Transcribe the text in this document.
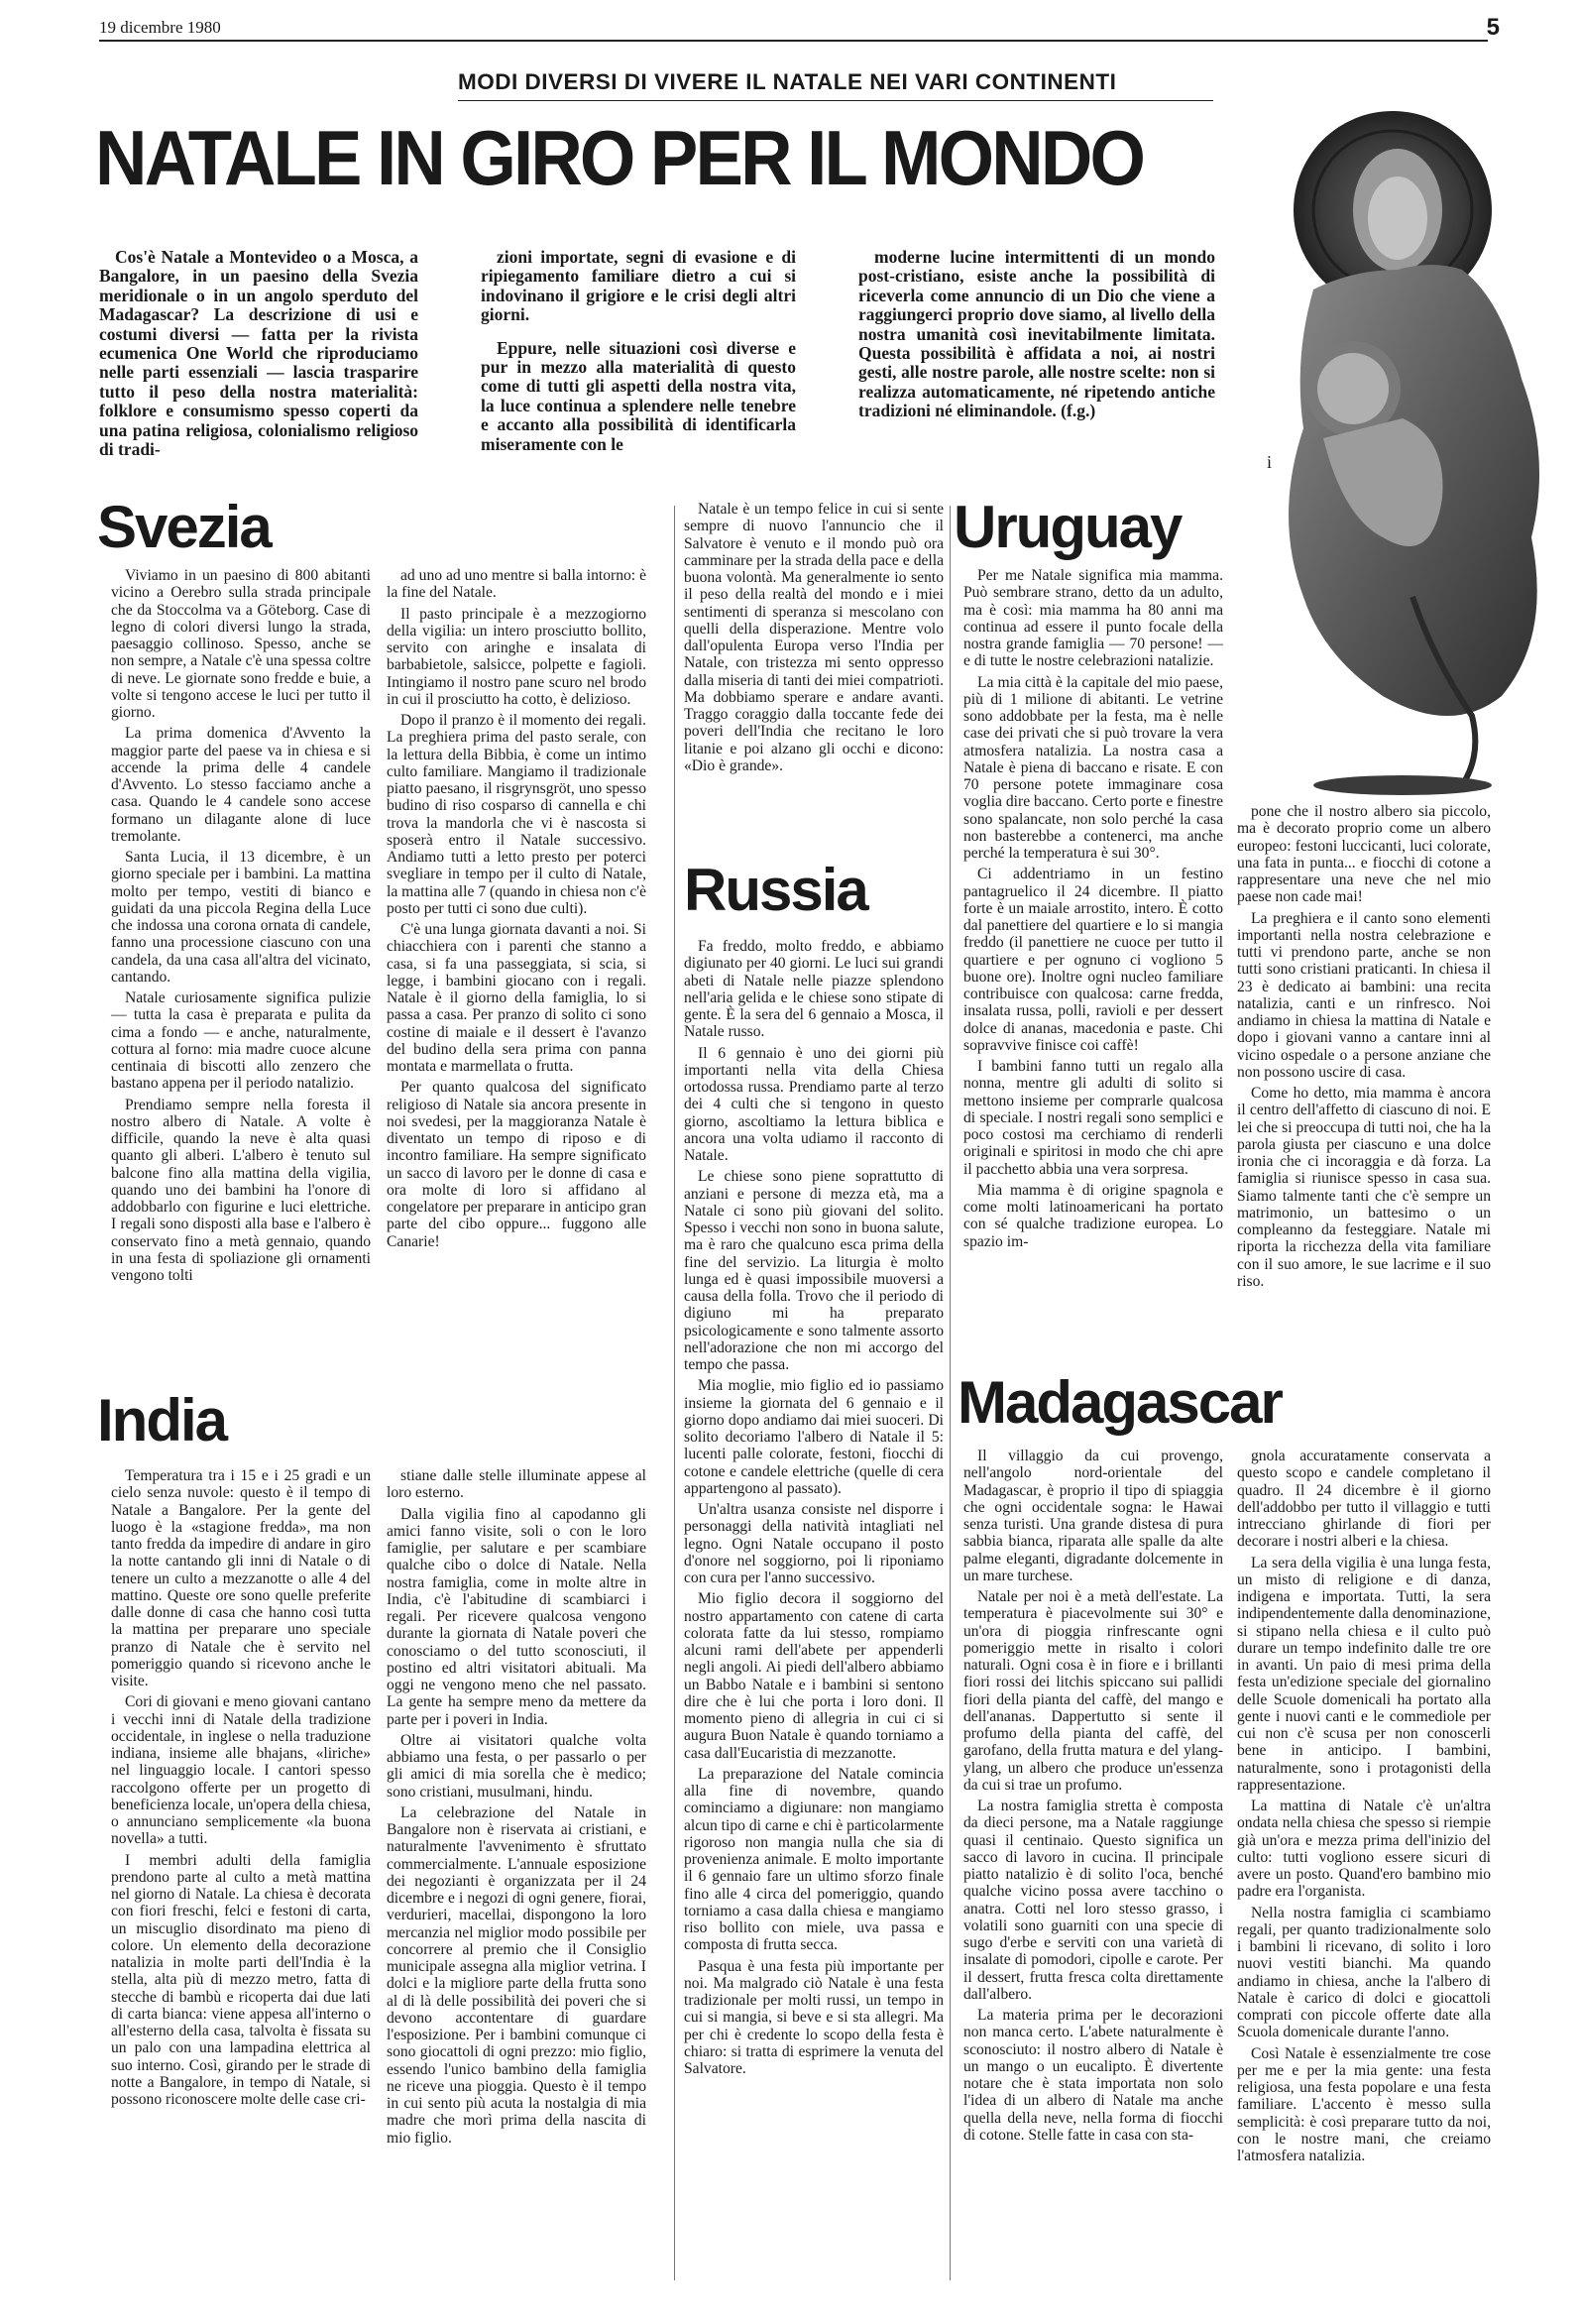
19 dicembre 1980	5
MODI DIVERSI DI VIVERE IL NATALE NEI VARI CONTINENTI
NATALE IN GIRO PER IL MONDO

Cos'è Natale a Montevideo o a Mosca, a Bangalore, in un paesino della Svezia meridionale o in un angolo sperduto del Madagascar? La descrizione di usi e costumi diversi — fatta per la rivista ecumenica One World che riproduciamo nelle parti essenziali — lascia trasparire tutto il peso della nostra materialità: folklore e consumismo spesso coperti da una patina religiosa, colonialismo religioso di tradi-

zioni importate, segni di evasione e di ripiegamento familiare dietro a cui si indovinano il grigiore e le crisi degli altri giorni.

Eppure, nelle situazioni così diverse e pur in mezzo alla materialità di questo come di tutti gli aspetti della nostra vita, la luce continua a splendere nelle tenebre e accanto alla possibilità di identificarla miseramente con le

moderne lucine intermittenti di un mondo post-cristiano, esiste anche la possibilità di riceverla come annuncio di un Dio che viene a raggiungerci proprio dove siamo, al livello della nostra umanità così inevitabilmente limitata. Questa possibilità è affidata a noi, ai nostri gesti, alle nostre parole, alle nostre scelte: non si realizza automaticamente, né ripetendo antiche tradizioni né eliminandole. (f.g.)

Svezia

Viviamo in un paesino di 800 abitanti vicino a Oerebro sulla strada principale che da Stoccolma va a Göteborg. Case di legno di colori diversi lungo la strada, paesaggio collinoso. Spesso, anche se non sempre, a Natale c'è una spessa coltre di neve. Le giornate sono fredde e buie, a volte si tengono accese le luci per tutto il giorno.

La prima domenica d'Avvento la maggior parte del paese va in chiesa e si accende la prima delle 4 candele d'Avvento. Lo stesso facciamo anche a casa. Quando le 4 candele sono accese formano un dilagante alone di luce tremolante.

Santa Lucia, il 13 dicembre, è un giorno speciale per i bambini. La mattina molto per tempo, vestiti di bianco e guidati da una piccola Regina della Luce che indossa una corona ornata di candele, fanno una processione ciascuno con una candela, da una casa all'altra del vicinato, cantando.

Natale curiosamente significa pulizie — tutta la casa è preparata e pulita da cima a fondo — e anche, naturalmente, cottura al forno: mia madre cuoce alcune centinaia di biscotti allo zenzero che bastano appena per il periodo natalizio.

Prendiamo sempre nella foresta il nostro albero di Natale. A volte è difficile, quando la neve è alta quasi quanto gli alberi. L'albero è tenuto sul balcone fino alla mattina della vigilia, quando uno dei bambini ha l'onore di addobbarlo con figurine e luci elettriche. I regali sono disposti alla base e l'albero è conservato fino a metà gennaio, quando in una festa di spoliazione gli ornamenti vengono tolti

ad uno ad uno mentre si balla intorno: è la fine del Natale.

Il pasto principale è a mezzogiorno della vigilia: un intero prosciutto bollito, servito con aringhe e insalata di barbabietole, salsicce, polpette e fagioli. Intingiamo il nostro pane scuro nel brodo in cui il prosciutto ha cotto, è delizioso.

Dopo il pranzo è il momento dei regali. La preghiera prima del pasto serale, con la lettura della Bibbia, è come un intimo culto familiare. Mangiamo il tradizionale piatto paesano, il risgrynsgröt, uno spesso budino di riso cosparso di cannella e chi trova la mandorla che vi è nascosta si sposerà entro il Natale successivo. Andiamo tutti a letto presto per poterci svegliare in tempo per il culto di Natale, la mattina alle 7 (quando in chiesa non c'è posto per tutti ci sono due culti).

C'è una lunga giornata davanti a noi. Si chiacchiera con i parenti che stanno a casa, si fa una passeggiata, si scia, si legge, i bambini giocano con i regali. Natale è il giorno della famiglia, lo si passa a casa. Per pranzo di solito ci sono costine di maiale e il dessert è l'avanzo del budino della sera prima con panna montata e marmellata o frutta.

Per quanto qualcosa del significato religioso di Natale sia ancora presente in noi svedesi, per la maggioranza Natale è diventato un tempo di riposo e di incontro familiare. Ha sempre significato un sacco di lavoro per le donne di casa e ora molte di loro si affidano al congelatore per preparare in anticipo gran parte del cibo oppure... fuggono alle Canarie!

India

Temperatura tra i 15 e i 25 gradi e un cielo senza nuvole: questo è il tempo di Natale a Bangalore. Per la gente del luogo è la «stagione fredda», ma non tanto fredda da impedire di andare in giro la notte cantando gli inni di Natale o di tenere un culto a mezzanotte o alle 4 del mattino. Queste ore sono quelle preferite dalle donne di casa che hanno così tutta la mattina per preparare uno speciale pranzo di Natale che è servito nel pomeriggio quando si ricevono anche le visite.

Cori di giovani e meno giovani cantano i vecchi inni di Natale della tradizione occidentale, in inglese o nella traduzione indiana, insieme alle bhajans, «liriche» nel linguaggio locale. I cantori spesso raccolgono offerte per un progetto di beneficienza locale, un'opera della chiesa, o annunciano semplicemente «la buona novella» a tutti.

I membri adulti della famiglia prendono parte al culto a metà mattina nel giorno di Natale. La chiesa è decorata con fiori freschi, felci e festoni di carta, un miscuglio disordinato ma pieno di colore. Un elemento della decorazione natalizia in molte parti dell'India è la stella, alta più di mezzo metro, fatta di stecche di bambù e ricoperta dai due lati di carta bianca: viene appesa all'interno o all'esterno della casa, talvolta è fissata su un palo con una lampadina elettrica al suo interno. Così, girando per le strade di notte a Bangalore, in tempo di Natale, si possono riconoscere molte delle case cri-

stiane dalle stelle illuminate appese al loro esterno.

Dalla vigilia fino al capodanno gli amici fanno visite, soli o con le loro famiglie, per salutare e per scambiare qualche cibo o dolce di Natale. Nella nostra famiglia, come in molte altre in India, c'è l'abitudine di scambiarci i regali. Per ricevere qualcosa vengono durante la giornata di Natale poveri che conosciamo o del tutto sconosciuti, il postino ed altri visitatori abituali. Ma oggi ne vengono meno che nel passato. La gente ha sempre meno da mettere da parte per i poveri in India.

Oltre ai visitatori qualche volta abbiamo una festa, o per passarlo o per gli amici di mia sorella che è medico; sono cristiani, musulmani, hindu.

La celebrazione del Natale in Bangalore non è riservata ai cristiani, e naturalmente l'avvenimento è sfruttato commercialmente. L'annuale esposizione dei negozianti è organizzata per il 24 dicembre e i negozi di ogni genere, fiorai, verdurieri, macellai, dispongono la loro mercanzia nel miglior modo possibile per concorrere al premio che il Consiglio municipale assegna alla miglior vetrina. I dolci e la migliore parte della frutta sono al di là delle possibilità dei poveri che si devono accontentare di guardare l'esposizione. Per i bambini comunque ci sono giocattoli di ogni prezzo: mio figlio, essendo l'unico bambino della famiglia ne riceve una pioggia. Questo è il tempo in cui sento più acuta la nostalgia di mia madre che morì prima della nascita di mio figlio.

Natale è un tempo felice in cui si sente sempre di nuovo l'annuncio che il Salvatore è venuto e il mondo può ora camminare per la strada della pace e della buona volontà. Ma generalmente io sento il peso della realtà del mondo e i miei sentimenti di speranza si mescolano con quelli della disperazione. Mentre volo dall'opulenta Europa verso l'India per Natale, con tristezza mi sento oppresso dalla miseria di tanti dei miei compatrioti. Ma dobbiamo sperare e andare avanti. Traggo coraggio dalla toccante fede dei poveri dell'India che recitano le loro litanie e poi alzano gli occhi e dicono: «Dio è grande».

Russia

Fa freddo, molto freddo, e abbiamo digiunato per 40 giorni. Le luci sui grandi abeti di Natale nelle piazze splendono nell'aria gelida e le chiese sono stipate di gente. È la sera del 6 gennaio a Mosca, il Natale russo.

Il 6 gennaio è uno dei giorni più importanti nella vita della Chiesa ortodossa russa. Prendiamo parte al terzo dei 4 culti che si tengono in questo giorno, ascoltiamo la lettura biblica e ancora una volta udiamo il racconto di Natale.

Le chiese sono piene soprattutto di anziani e persone di mezza età, ma a Natale ci sono più giovani del solito. Spesso i vecchi non sono in buona salute, ma è raro che qualcuno esca prima della fine del servizio. La liturgia è molto lunga ed è quasi impossibile muoversi a causa della folla. Trovo che il periodo di digiuno mi ha preparato psicologicamente e sono talmente assorto nell'adorazione che non mi accorgo del tempo che passa.

Mia moglie, mio figlio ed io passiamo insieme la giornata del 6 gennaio e il giorno dopo andiamo dai miei suoceri. Di solito decoriamo l'albero di Natale il 5: lucenti palle colorate, festoni, fiocchi di cotone e candele elettriche (quelle di cera appartengono al passato).

Un'altra usanza consiste nel disporre i personaggi della natività intagliati nel legno. Ogni Natale occupano il posto d'onore nel soggiorno, poi li riponiamo con cura per l'anno successivo.

Mio figlio decora il soggiorno del nostro appartamento con catene di carta colorata fatte da lui stesso, rompiamo alcuni rami dell'abete per appenderli negli angoli. Ai piedi dell'albero abbiamo un Babbo Natale e i bambini si sentono dire che è lui che porta i loro doni. Il momento pieno di allegria in cui ci si augura Buon Natale è quando torniamo a casa dall'Eucaristia di mezzanotte.

La preparazione del Natale comincia alla fine di novembre, quando cominciamo a digiunare: non mangiamo alcun tipo di carne e chi è particolarmente rigoroso non mangia nulla che sia di provenienza animale. E molto importante il 6 gennaio fare un ultimo sforzo finale fino alle 4 circa del pomeriggio, quando torniamo a casa dalla chiesa e mangiamo riso bollito con miele, uva passa e composta di frutta secca.

Pasqua è una festa più importante per noi. Ma malgrado ciò Natale è una festa tradizionale per molti russi, un tempo in cui si mangia, si beve e si sta allegri. Ma per chi è credente lo scopo della festa è chiaro: si tratta di esprimere la venuta del Salvatore.

Uruguay

Per me Natale significa mia mamma. Può sembrare strano, detto da un adulto, ma è così: mia mamma ha 80 anni ma continua ad essere il punto focale della nostra grande famiglia — 70 persone! — e di tutte le nostre celebrazioni natalizie.

La mia città è la capitale del mio paese, più di 1 milione di abitanti. Le vetrine sono addobbate per la festa, ma è nelle case dei privati che si può trovare la vera atmosfera natalizia. La nostra casa a Natale è piena di baccano e risate. E con 70 persone potete immaginare cosa voglia dire baccano. Certo porte e finestre sono spalancate, non solo perché la casa non basterebbe a contenerci, ma anche perché la temperatura è sui 30°.

Ci addentriamo in un festino pantagruelico il 24 dicembre. Il piatto forte è un maiale arrostito, intero. È cotto dal panettiere del quartiere e lo si mangia freddo (il panettiere ne cuoce per tutto il quartiere e per ognuno ci vogliono 5 buone ore). Inoltre ogni nucleo familiare contribuisce con qualcosa: carne fredda, insalata russa, polli, ravioli e per dessert dolce di ananas, macedonia e paste. Chi sopravvive finisce coi caffè!

I bambini fanno tutti un regalo alla nonna, mentre gli adulti di solito si mettono insieme per comprarle qualcosa di speciale. I nostri regali sono semplici e poco costosi ma cerchiamo di renderli originali e spiritosi in modo che chi apre il pacchetto abbia una vera sorpresa.

Mia mamma è di origine spagnola e come molti latinoamericani ha portato con sé qualche tradizione europea. Lo spazio im-

pone che il nostro albero sia piccolo, ma è decorato proprio come un albero europeo: festoni luccicanti, luci colorate, una fata in punta... e fiocchi di cotone a rappresentare una neve che nel mio paese non cade mai!

La preghiera e il canto sono elementi importanti nella nostra celebrazione e tutti vi prendono parte, anche se non tutti sono cristiani praticanti. In chiesa il 23 è dedicato ai bambini: una recita natalizia, canti e un rinfresco. Noi andiamo in chiesa la mattina di Natale e dopo i giovani vanno a cantare inni al vicino ospedale o a persone anziane che non possono uscire di casa.

Come ho detto, mia mamma è ancora il centro dell'affetto di ciascuno di noi. E lei che si preoccupa di tutti noi, che ha la parola giusta per ciascuno e una dolce ironia che ci incoraggia e dà forza. La famiglia si riunisce spesso in casa sua. Siamo talmente tanti che c'è sempre un matrimonio, un battesimo o un compleanno da festeggiare. Natale mi riporta la ricchezza della vita familiare con il suo amore, le sue lacrime e il suo riso.

Madagascar

Il villaggio da cui provengo, nell'angolo nord-orientale del Madagascar, è proprio il tipo di spiaggia che ogni occidentale sogna: le Hawai senza turisti. Una grande distesa di pura sabbia bianca, riparata alle spalle da alte palme eleganti, digradante dolcemente in un mare turchese.

Natale per noi è a metà dell'estate. La temperatura è piacevolmente sui 30° e un'ora di pioggia rinfrescante ogni pomeriggio mette in risalto i colori naturali. Ogni cosa è in fiore e i brillanti fiori rossi dei litchis spiccano sui pallidi fiori della pianta del caffè, del mango e dell'ananas. Dappertutto si sente il profumo della pianta del caffè, del garofano, della frutta matura e del ylang-ylang, un albero che produce un'essenza da cui si trae un profumo.

La nostra famiglia stretta è composta da dieci persone, ma a Natale raggiunge quasi il centinaio. Questo significa un sacco di lavoro in cucina. Il principale piatto natalizio è di solito l'oca, benché qualche vicino possa avere tacchino o anatra. Cotti nel loro stesso grasso, i volatili sono guarniti con una specie di sugo d'erbe e serviti con una varietà di insalate di pomodori, cipolle e carote. Per il dessert, frutta fresca colta direttamente dall'albero.

La materia prima per le decorazioni non manca certo. L'abete naturalmente è sconosciuto: il nostro albero di Natale è un mango o un eucalipto. È divertente notare che è stata importata non solo l'idea di un albero di Natale ma anche quella della neve, nella forma di fiocchi di cotone. Stelle fatte in casa con sta-

gnola accuratamente conservata a questo scopo e candele completano il quadro. Il 24 dicembre è il giorno dell'addobbo per tutto il villaggio e tutti intrecciano ghirlande di fiori per decorare i nostri alberi e la chiesa.

La sera della vigilia è una lunga festa, un misto di religione e di danza, indigena e importata. Tutti, la sera indipendentemente dalla denominazione, si stipano nella chiesa e il culto può durare un tempo indefinito dalle tre ore in avanti. Un paio di mesi prima della festa un'edizione speciale del giornalino delle Scuole domenicali ha portato alla gente i nuovi canti e le commediole per cui non c'è scusa per non conoscerli bene in anticipo. I bambini, naturalmente, sono i protagonisti della rappresentazione.

La mattina di Natale c'è un'altra ondata nella chiesa che spesso si riempie già un'ora e mezza prima dell'inizio del culto: tutti vogliono essere sicuri di avere un posto. Quand'ero bambino mio padre era l'organista.

Nella nostra famiglia ci scambiamo regali, per quanto tradizionalmente solo i bambini li ricevano, di solito i loro nuovi vestiti bianchi. Ma quando andiamo in chiesa, anche la l'albero di Natale è carico di dolci e giocattoli comprati con piccole offerte date alla Scuola domenicale durante l'anno.

Così Natale è essenzialmente tre cose per me e per la mia gente: una festa religiosa, una festa popolare e una festa familiare. L'accento è messo sulla semplicità: è così preparare tutto da noi, con le nostre mani, che creiamo l'atmosfera natalizia.

i
